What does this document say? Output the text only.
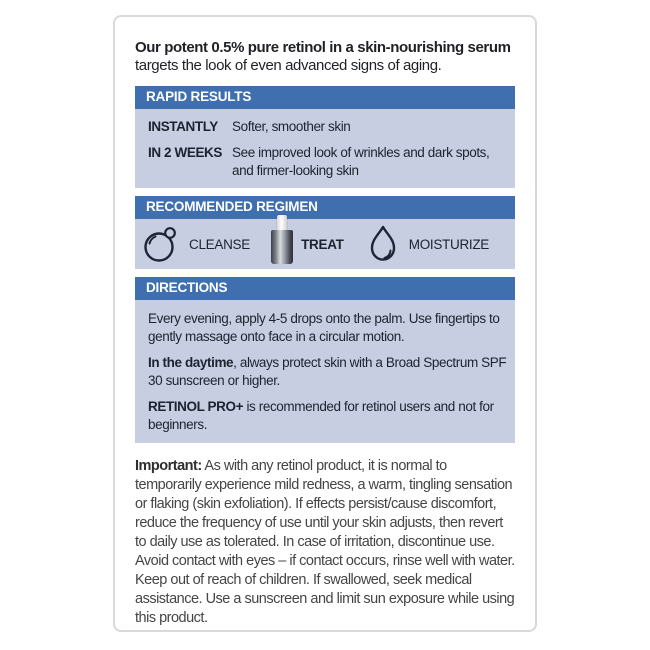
Our potent 0.5% pure retinol in a skin-nourishing serum
targets the look of even advanced signs of aging.
RAPID RESULTS
INSTANTLY	Softer, smoother skin
IN 2 WEEKS See improved look of wrinkles and dark spots, and firmer-looking skin
RECOMMENDED REGIMEN
CLEANSE	TREAT	MOISTURIZE
DIRECTIONS

Every evening, apply 4-5 drops onto the palm. Use fingertips to gently massage onto face in a circular motion.

In the daytime, always protect skin with a Broad Spectrum SPF 30 sunscreen or higher.

RETINOL PRO+ is recommended for retinol users and not for beginners.

Important: As with any retinol product, it is normal to temporarily experience mild redness, a warm, tingling sensation or flaking (skin exfoliation). If effects persist/cause discomfort, reduce the frequency of use until your skin adjusts, then revert to daily use as tolerated. In case of irritation, discontinue use. Avoid contact with eyes – if contact occurs, rinse well with water. Keep out of reach of children. If swallowed, seek medical assistance. Use a sunscreen and limit sun exposure while using this product.
